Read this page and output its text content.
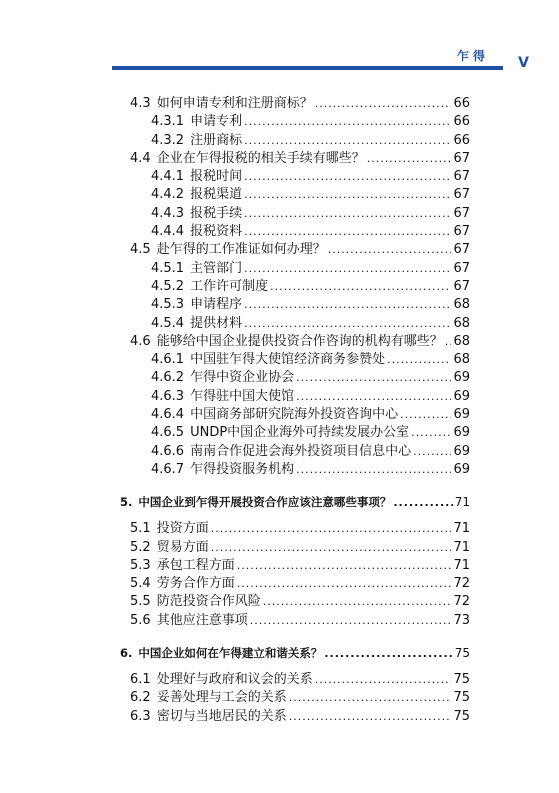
乍得 V
4.3 如何申请专利和注册商标？ .....	66
4.3.1 申请专利 .....	66
4.3.2 注册商标 .....	66
4.4 企业在乍得报税的相关手续有哪些？ .....	67
4.4.1 报税时间 .....	67
4.4.2 报税渠道 .....	67
4.4.3 报税手续 .....	67
4.4.4 报税资料 .....	67
4.5 赴乍得的工作准证如何办理？ .....	67
4.5.1 主管部门 .....	67
4.5.2 工作许可制度 .....	67
4.5.3 申请程序 .....	68
4.5.4 提供材料 .....	68
4.6 能够给中国企业提供投资合作咨询的机构有哪些？ ..... 68
4.6.1 中国驻乍得大使馆经济商务参赞处 .....	68
4.6.2 乍得中资企业协会 .....	69
4.6.3 乍得驻中国大使馆 .....	69
4.6.4 中国商务部研究院海外投资咨询中心 .....	69
4.6.5 UNDP中国企业海外可持续发展办公室 .....	69
4.6.6 南南合作促进会海外投资项目信息中心 .....	69
4.6.7 乍得投资服务机构 .....	69
5. 中国企业到乍得开展投资合作应该注意哪些事项？ .....	71
5.1 投资方面 .....	71
5.2 贸易方面 .....	71
5.3 承包工程方面 .....	71
5.4 劳务合作方面 .....	72
5.5 防范投资合作风险 .....	72
5.6 其他应注意事项 .....	73
6. 中国企业如何在乍得建立和谐关系？ .....	75
6.1 处理好与政府和议会的关系 .....	75
6.2 妥善处理与工会的关系 .....	75
6.3 密切与当地居民的关系 .....	75
